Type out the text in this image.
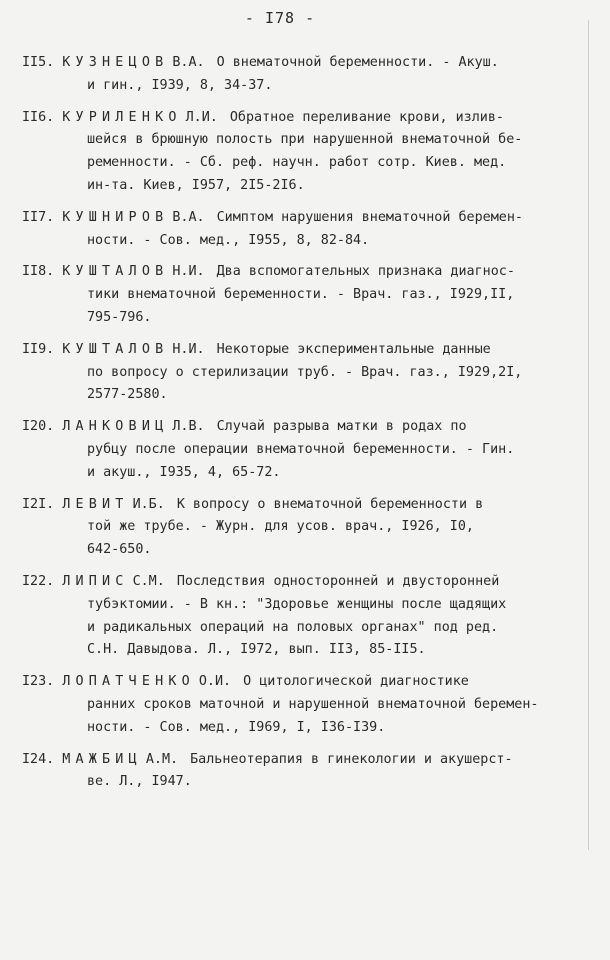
- I78 -
II5. КУЗНЕЦОВ В.А. О внематочной беременности. - Акуш.
и гин., I939, 8, 34-37.
II6. КУРИЛЕНКО Л.И. Обратное переливание крови, излив-
шейся в брюшную полость при нарушенной внематочной бе-
ременности. - Сб. реф. научн. работ сотр. Киев. мед.
ин-та. Киев, I957, 2I5-2I6.
II7. КУШНИРОВ В.А. Симптом нарушения внематочной беремен-
ности. - Сов. мед., I955, 8, 82-84.
II8. КУШТАЛОВ Н.И. Два вспомогательных признака диагнос-
тики внематочной беременности. - Врач. газ., I929,II,
795-796.
II9. КУШТАЛОВ Н.И. Некоторые экспериментальные данные
по вопросу о стерилизации труб. - Врач. газ., I929,2I,
2577-2580.
I20. ЛАНКОВИЦ Л.В. Случай разрыва матки в родах по
рубцу после операции внематочной беременности. - Гин.
и акуш., I935, 4, 65-72.
I2I. ЛЕВИТ И.Б. К вопросу о внематочной беременности в
той же трубе. - Журн. для усов. врач., I926, I0,
642-650.
I22. ЛИПИС С.М. Последствия односторонней и двусторонней
тубэктомии. - В кн.: "Здоровье женщины после щадящих
и радикальных операций на половых органах" под ред.
С.Н. Давыдова. Л., I972, вып. II3, 85-II5.
I23. ЛОПАТЧЕНКО О.И. О цитологической диагностике
ранних сроков маточной и нарушенной внематочной беремен-
ности. - Сов. мед., I969, I, I36-I39.
I24. МАЖБИЦ А.М. Бальнеотерапия в гинекологии и акушерст-
ве. Л., I947.
